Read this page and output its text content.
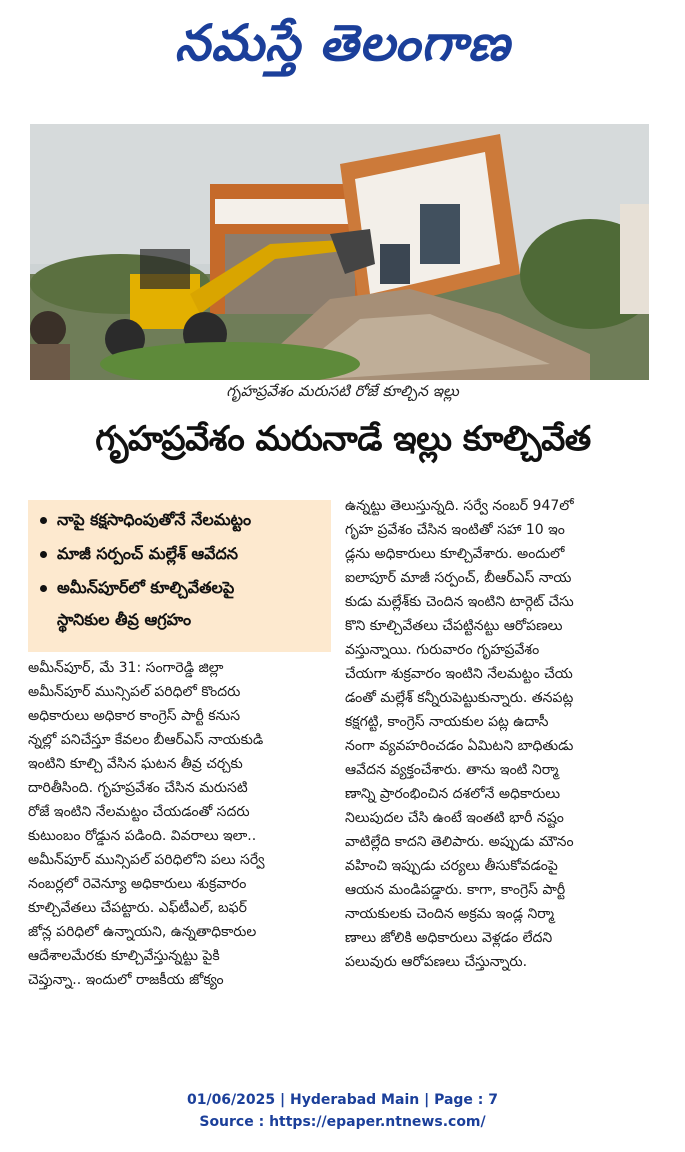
నమస్తే తెలంగాణ
గృహప్రవేశం మరుసటి రోజే కూల్చిన ఇల్లు
గృహప్రవేశం మరునాడే ఇల్లు కూల్చివేత
నాపై కక్షసాధింపుతోనే నేలమట్టం
మాజీ సర్పంచ్ మల్లేశ్ ఆవేదన
అమీన్‌పూర్‌లో కూల్చివేతలపై
స్థానికుల తీవ్ర ఆగ్రహం
అమీన్‌పూర్, మే 31: సంగారెడ్డి జిల్లా
అమీన్‌పూర్ మున్సిపల్ పరిధిలో కొందరు
అధికారులు అధికార కాంగ్రెస్ పార్టీ కనుస
న్నల్లో పనిచేస్తూ కేవలం బీఆర్‌ఎస్ నాయకుడి
ఇంటిని కూల్చి వేసిన ఘటన తీవ్ర చర్చకు
దారితీసింది. గృహప్రవేశం చేసిన మరుసటి
రోజే ఇంటిని నేలమట్టం చేయడంతో సదరు
కుటుంబం రోడ్డున పడింది. వివరాలు ఇలా..
అమీన్‌పూర్ మున్సిపల్ పరిధిలోని పలు సర్వే
నంబర్లలో రెవెన్యూ అధికారులు శుక్రవారం
కూల్చివేతలు చేపట్టారు. ఎఫ్‌టీఎల్, బఫర్
జోన్ల పరిధిలో ఉన్నాయని, ఉన్నతాధికారుల
ఆదేశాలమేరకు కూల్చివేస్తున్నట్టు పైకి
చెప్తున్నా.. ఇందులో రాజకీయ జోక్యం
ఉన్నట్టు తెలుస్తున్నది. సర్వే నంబర్ 947లో
గృహ ప్రవేశం చేసిన ఇంటితో సహా 10 ఇం
డ్లను అధికారులు కూల్చివేశారు. అందులో
ఐలాపూర్ మాజీ సర్పంచ్, బీఆర్‌ఎస్ నాయ
కుడు మల్లేశ్‌కు చెందిన ఇంటిని టార్గెట్ చేసు
కొని కూల్చివేతలు చేపట్టినట్టు ఆరోపణలు
వస్తున్నాయి. గురువారం గృహప్రవేశం
చేయగా శుక్రవారం ఇంటిని నేలమట్టం చేయ
డంతో మల్లేశ్ కన్నీరుపెట్టుకున్నారు. తనపట్ల
కక్షగట్టి, కాంగ్రెస్ నాయకుల పట్ల ఉదాసీ
నంగా వ్యవహరించడం ఏమిటని బాధితుడు
ఆవేదన వ్యక్తంచేశారు. తాను ఇంటి నిర్మా
ణాన్ని ప్రారంభించిన దశలోనే అధికారులు
నిలుపుదల చేసి ఉంటే ఇంతటి భారీ నష్టం
వాటిల్లేది కాదని తెలిపారు. అప్పుడు మౌనం
వహించి ఇప్పుడు చర్యలు తీసుకోవడంపై
ఆయన మండిపడ్డారు. కాగా, కాంగ్రెస్ పార్టీ
నాయకులకు చెందిన అక్రమ ఇండ్ల నిర్మా
ణాలు జోలికి అధికారులు వెళ్లడం లేదని
పలువురు ఆరోపణలు చేస్తున్నారు.
01/06/2025 | Hyderabad Main | Page : 7
Source : https://epaper.ntnews.com/
